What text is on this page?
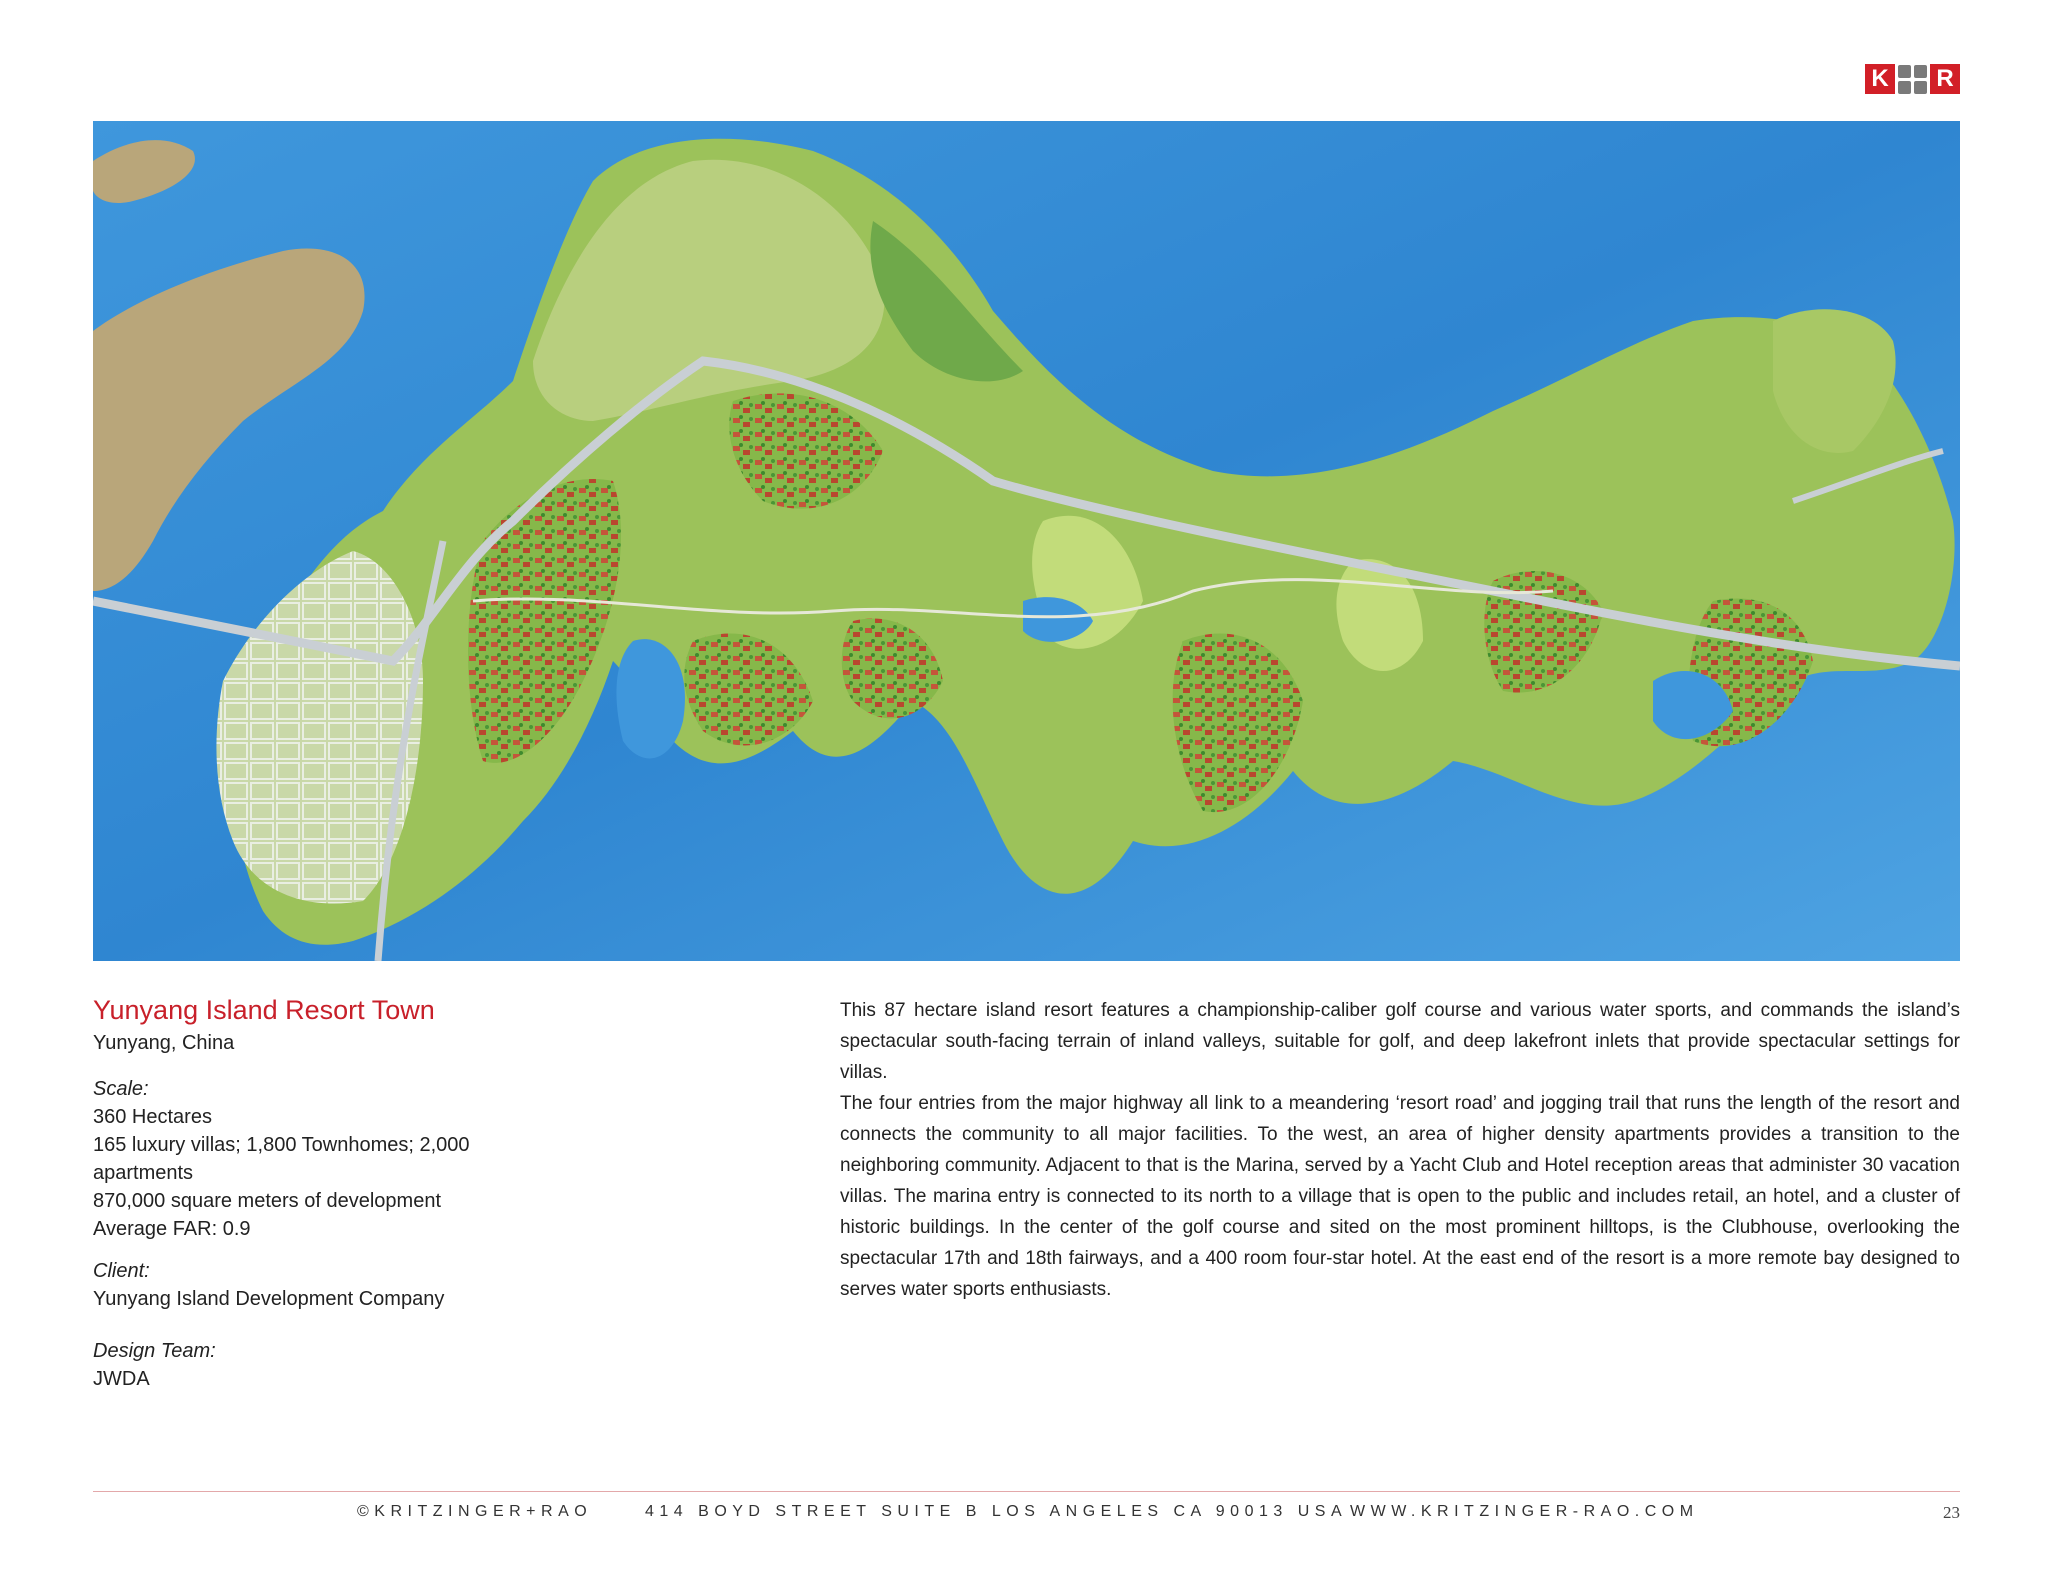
K R
Yunyang Island Resort Town

Yunyang, China

Scale:

360 Hectares

165 luxury villas; 1,800 Townhomes; 2,000 apartments

870,000 square meters of development

Average FAR: 0.9

Client:

Yunyang Island Development Company

Design Team:

JWDA

This 87 hectare island resort features a championship-caliber golf course and various water sports, and commands the island’s spectacular south-facing terrain of inland valleys, suitable for golf, and deep lakefront inlets that provide spectacular settings for villas.

The four entries from the major highway all link to a meandering ‘resort road’ and jogging trail that runs the length of the resort and connects the community to all major facilities. To the west, an area of higher density apartments provides a transition to the neighboring community. Adjacent to that is the Marina, served by a Yacht Club and Hotel reception areas that administer 30 vacation villas. The marina entry is connected to its north to a village that is open to the public and includes retail, an hotel, and a cluster of historic buildings. In the center of the golf course and sited on the most prominent hilltops, is the Clubhouse, overlooking the spectacular 17th and 18th fairways, and a 400 room four-star hotel. At the east end of the resort is a more remote bay designed to serves water sports enthusiasts.

©KRITZINGER+RAO	414 BOYD STREET SUITE B LOS ANGELES CA 90013 USA WWW.KRITZINGER-RAO.COM	23
